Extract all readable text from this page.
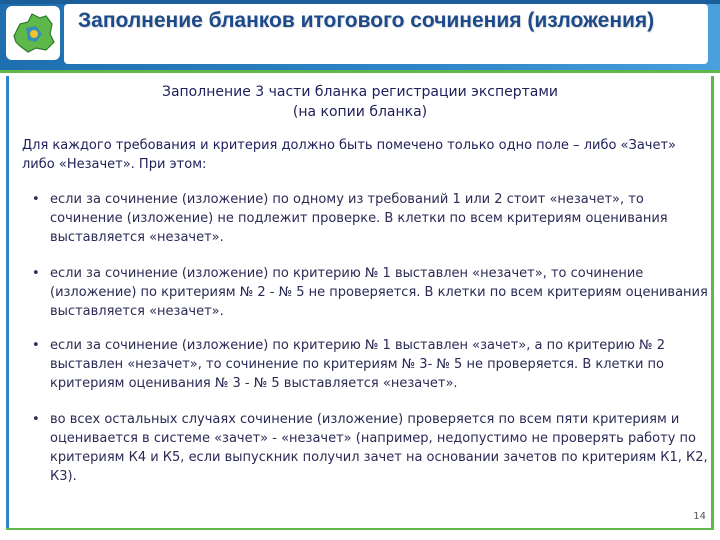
Заполнение бланков итогового сочинения (изложения)
Заполнение 3 части бланка регистрации экспертами
(на копии бланка)
Для каждого требования и критерия должно быть помечено только одно поле – либо «Зачет» либо «Незачет». При этом:
• если за сочинение (изложение) по одному из требований 1 или 2 стоит «незачет», то сочинение (изложение) не подлежит проверке. В клетки по всем критериям оценивания выставляется «незачет».
• если за сочинение (изложение) по критерию № 1 выставлен «незачет», то сочинение (изложение) по критериям № 2 - № 5 не проверяется. В клетки по всем критериям оценивания выставляется «незачет».
• если за сочинение (изложение) по критерию № 1 выставлен «зачет», а по критерию № 2 выставлен «незачет», то сочинение по критериям № 3- № 5 не проверяется. В клетки по критериям оценивания № 3 - № 5 выставляется «незачет».
• во всех остальных случаях сочинение (изложение) проверяется по всем пяти критериям и оценивается в системе «зачет» - «незачет» (например, недопустимо не проверять работу по критериям К4 и К5, если выпускник получил зачет на основании зачетов по критериям К1, К2, К3).
14
